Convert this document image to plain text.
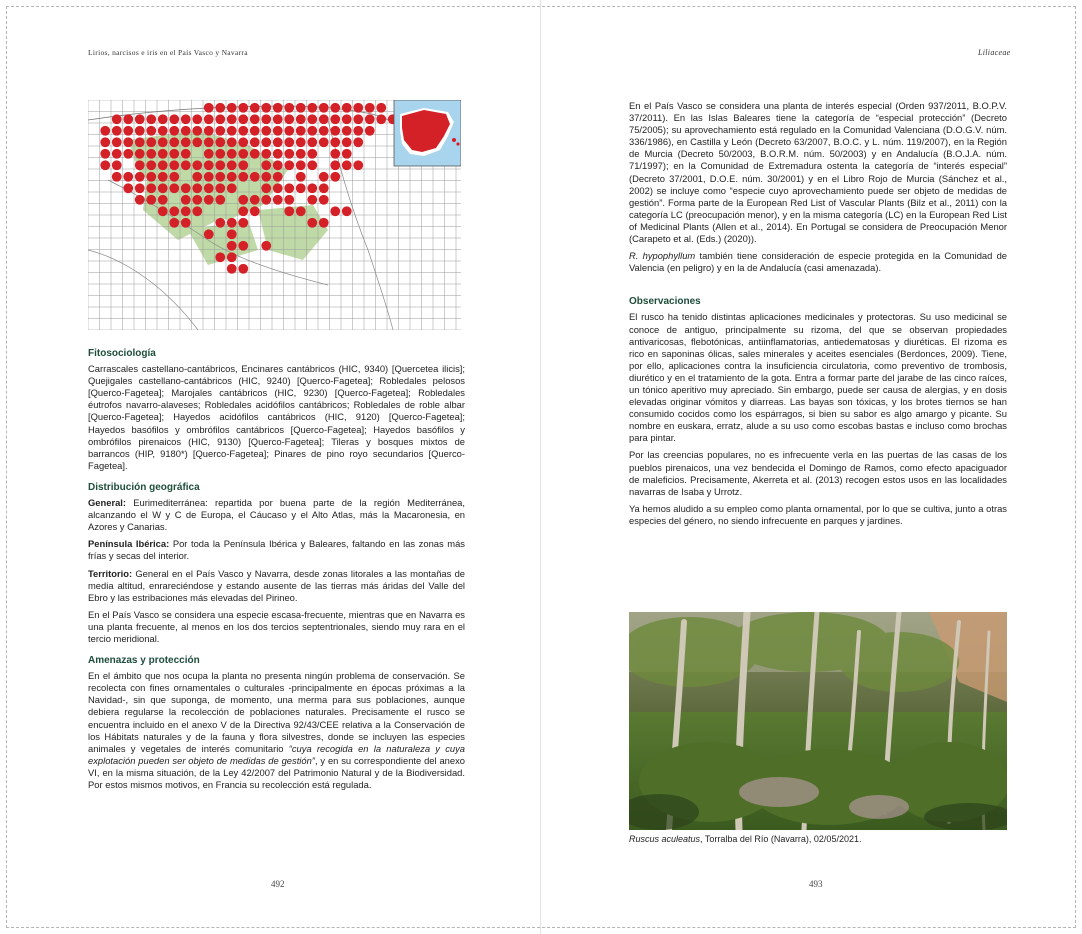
Lirios, narcisos e iris en el País Vasco y Navarra
Fitosociología

Carrascales castellano-cantábricos, Encinares cantábricos (HIC, 9340) [Quercetea ilicis]; Quejigales castellano-cantábricos (HIC, 9240) [Querco-Fagetea]; Robledales pelosos [Querco-Fagetea]; Marojales cantábricos (HIC, 9230) [Querco-Fagetea]; Robledales éutrofos navarro-alaveses; Robledales acidófilos cantábricos; Robledales de roble albar [Querco-Fagetea]; Hayedos acidófilos cantábricos (HIC, 9120) [Querco-Fagetea]; Hayedos basófilos y ombrófilos cantábricos [Querco-Fagetea]; Hayedos basófilos y ombrófilos pirenaicos (HIC, 9130) [Querco-Fagetea]; Tileras y bosques mixtos de barrancos (HIP, 9180*) [Querco-Fagetea]; Pinares de pino royo secundarios [Querco-Fagetea].

Distribución geográfica

General: Eurimediterránea: repartida por buena parte de la región Mediterránea, alcanzando el W y C de Europa, el Cáucaso y el Alto Atlas, más la Macaronesia, en Azores y Canarias.

Península Ibérica: Por toda la Península Ibérica y Baleares, faltando en las zonas más frías y secas del interior.

Territorio: General en el País Vasco y Navarra, desde zonas litorales a las montañas de media altitud, enrareciéndose y estando ausente de las tierras más áridas del Valle del Ebro y las estribaciones más elevadas del Pirineo.

En el País Vasco se considera una especie escasa-frecuente, mientras que en Navarra es una planta frecuente, al menos en los dos tercios septentrionales, siendo muy rara en el tercio meridional.

Amenazas y protección

En el ámbito que nos ocupa la planta no presenta ningún problema de conservación. Se recolecta con fines ornamentales o culturales -principalmente en épocas próximas a la Navidad-, sin que suponga, de momento, una merma para sus poblaciones, aunque debiera regularse la recolección de poblaciones naturales. Precisamente el rusco se encuentra incluido en el anexo V de la Directiva 92/43/CEE relativa a la Conservación de los Hábitats naturales y de la fauna y flora silvestres, donde se incluyen las especies animales y vegetales de interés comunitario “cuya recogida en la naturaleza y cuya explotación pueden ser objeto de medidas de gestión”, y en su correspondiente del anexo VI, en la misma situación, de la Ley 42/2007 del Patrimonio Natural y de la Biodiversidad. Por estos mismos motivos, en Francia su recolección está regulada.

492
Liliaceae

En el País Vasco se considera una planta de interés especial (Orden 937/2011, B.O.P.V. 37/2011). En las Islas Baleares tiene la categoría de “especial protección” (Decreto 75/2005); su aprovechamiento está regulado en la Comunidad Valenciana (D.O.G.V. núm. 336/1986), en Castilla y León (Decreto 63/2007, B.O.C. y L. núm. 119/2007), en la Región de Murcia (Decreto 50/2003, B.O.R.M. núm. 50/2003) y en Andalucía (B.O.J.A. núm. 71/1997); en la Comunidad de Extremadura ostenta la categoría de “interés especial” (Decreto 37/2001, D.O.E. núm. 30/2001) y en el Libro Rojo de Murcia (Sánchez et al., 2002) se incluye como “especie cuyo aprovechamiento puede ser objeto de medidas de gestión”. Forma parte de la European Red List of Vascular Plants (Bilz et al., 2011) con la categoría LC (preocupación menor), y en la misma categoría (LC) en la European Red List of Medicinal Plants (Allen et al., 2014). En Portugal se considera de Preocupación Menor (Carapeto et al. (Eds.) (2020)).

R. hypophyllum también tiene consideración de especie protegida en la Comunidad de Valencia (en peligro) y en la de Andalucía (casi amenazada).

Observaciones

El rusco ha tenido distintas aplicaciones medicinales y protectoras. Su uso medicinal se conoce de antiguo, principalmente su rizoma, del que se observan propiedades antivaricosas, flebotónicas, antiinflamatorias, antiedematosas y diuréticas. El rizoma es rico en saponinas ólicas, sales minerales y aceites esenciales (Berdonces, 2009). Tiene, por ello, aplicaciones contra la insuficiencia circulatoria, como preventivo de trombosis, diurético y en el tratamiento de la gota. Entra a formar parte del jarabe de las cinco raíces, un tónico aperitivo muy apreciado. Sin embargo, puede ser causa de alergias, y en dosis elevadas originar vómitos y diarreas. Las bayas son tóxicas, y los brotes tiernos se han consumido cocidos como los espárragos, si bien su sabor es algo amargo y picante. Su nombre en euskara, erratz, alude a su uso como escobas bastas e incluso como brochas para pintar.

Por las creencias populares, no es infrecuente verla en las puertas de las casas de los pueblos pirenaicos, una vez bendecida el Domingo de Ramos, como efecto apaciguador de maleficios. Precisamente, Akerreta et al. (2013) recogen estos usos en las localidades navarras de Isaba y Urrotz.

Ya hemos aludido a su empleo como planta ornamental, por lo que se cultiva, junto a otras especies del género, no siendo infrecuente en parques y jardines.

Ruscus aculeatus, Torralba del Río (Navarra), 02/05/2021.
493
